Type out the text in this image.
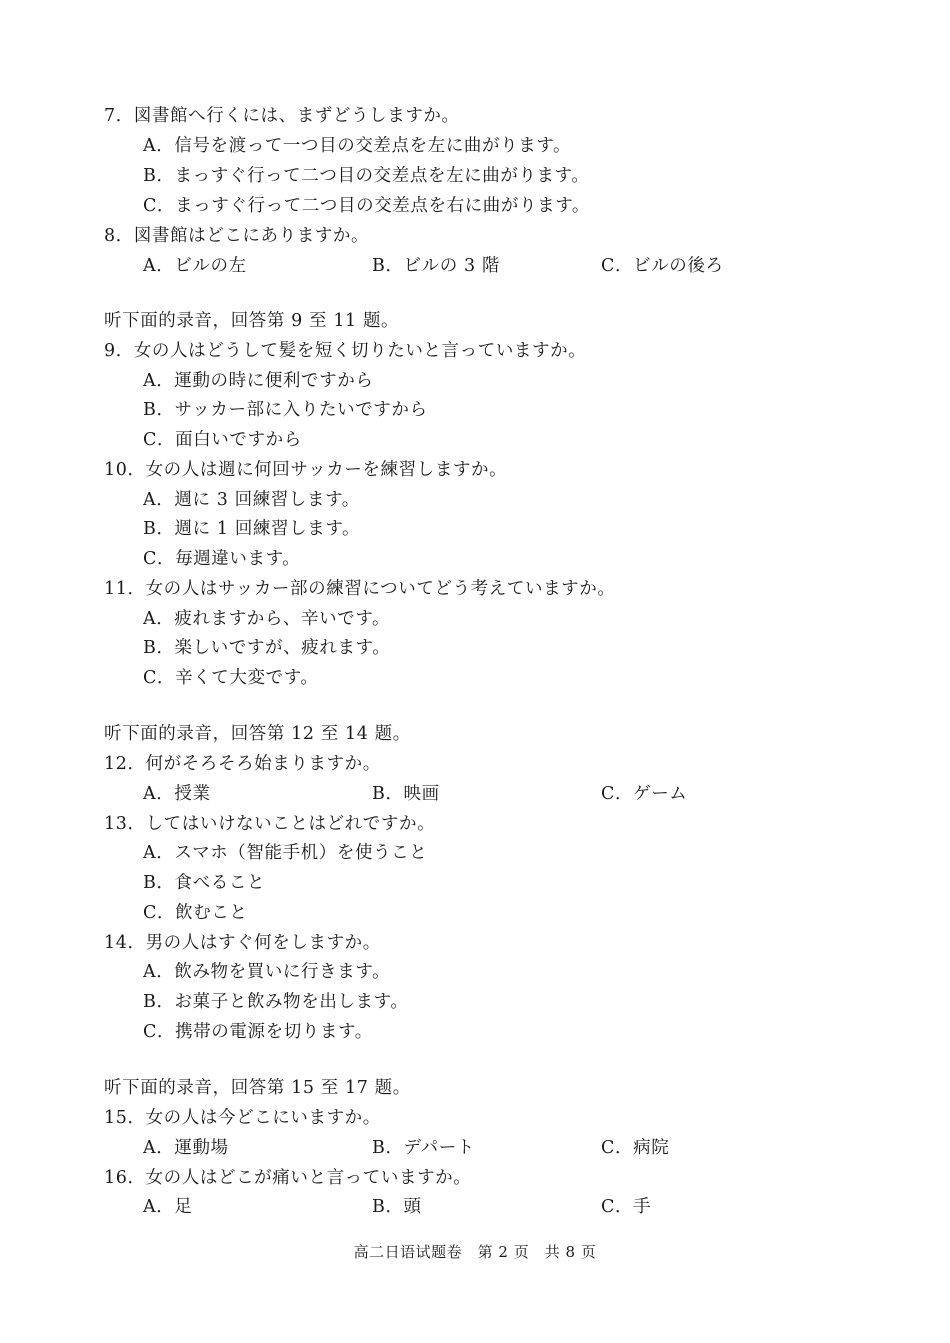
7．図書館へ行くには、まずどうしますか。
A．信号を渡って一つ目の交差点を左に曲がります。
B．まっすぐ行って二つ目の交差点を左に曲がります。
C．まっすぐ行って二つ目の交差点を右に曲がります。
8．図書館はどこにありますか。
A．ビルの左	B．ビルの 3 階	C．ビルの後ろ
听下面的录音，回答第 9 至 11 题。
9．女の人はどうして髪を短く切りたいと言っていますか。
A．運動の時に便利ですから
B．サッカー部に入りたいですから
C．面白いですから
10．女の人は週に何回サッカーを練習しますか。
A．週に 3 回練習します。
B．週に 1 回練習します。
C．毎週違います。
11．女の人はサッカー部の練習についてどう考えていますか。
A．疲れますから、辛いです。
B．楽しいですが、疲れます。
C．辛くて大変です。
听下面的录音，回答第 12 至 14 题。
12．何がそろそろ始まりますか。
A．授業	B．映画	C．ゲーム
13．してはいけないことはどれですか。
A．スマホ（智能手机）を使うこと
B．食べること
C．飲むこと
14．男の人はすぐ何をしますか。
A．飲み物を買いに行きます。
B．お菓子と飲み物を出します。
C．携帯の電源を切ります。
听下面的录音，回答第 15 至 17 题。
15．女の人は今どこにいますか。
A．運動場	B．デパート	C．病院
16．女の人はどこが痛いと言っていますか。
A．足	B．頭	C．手
高二日语试题卷　第 2 页　共 8 页
